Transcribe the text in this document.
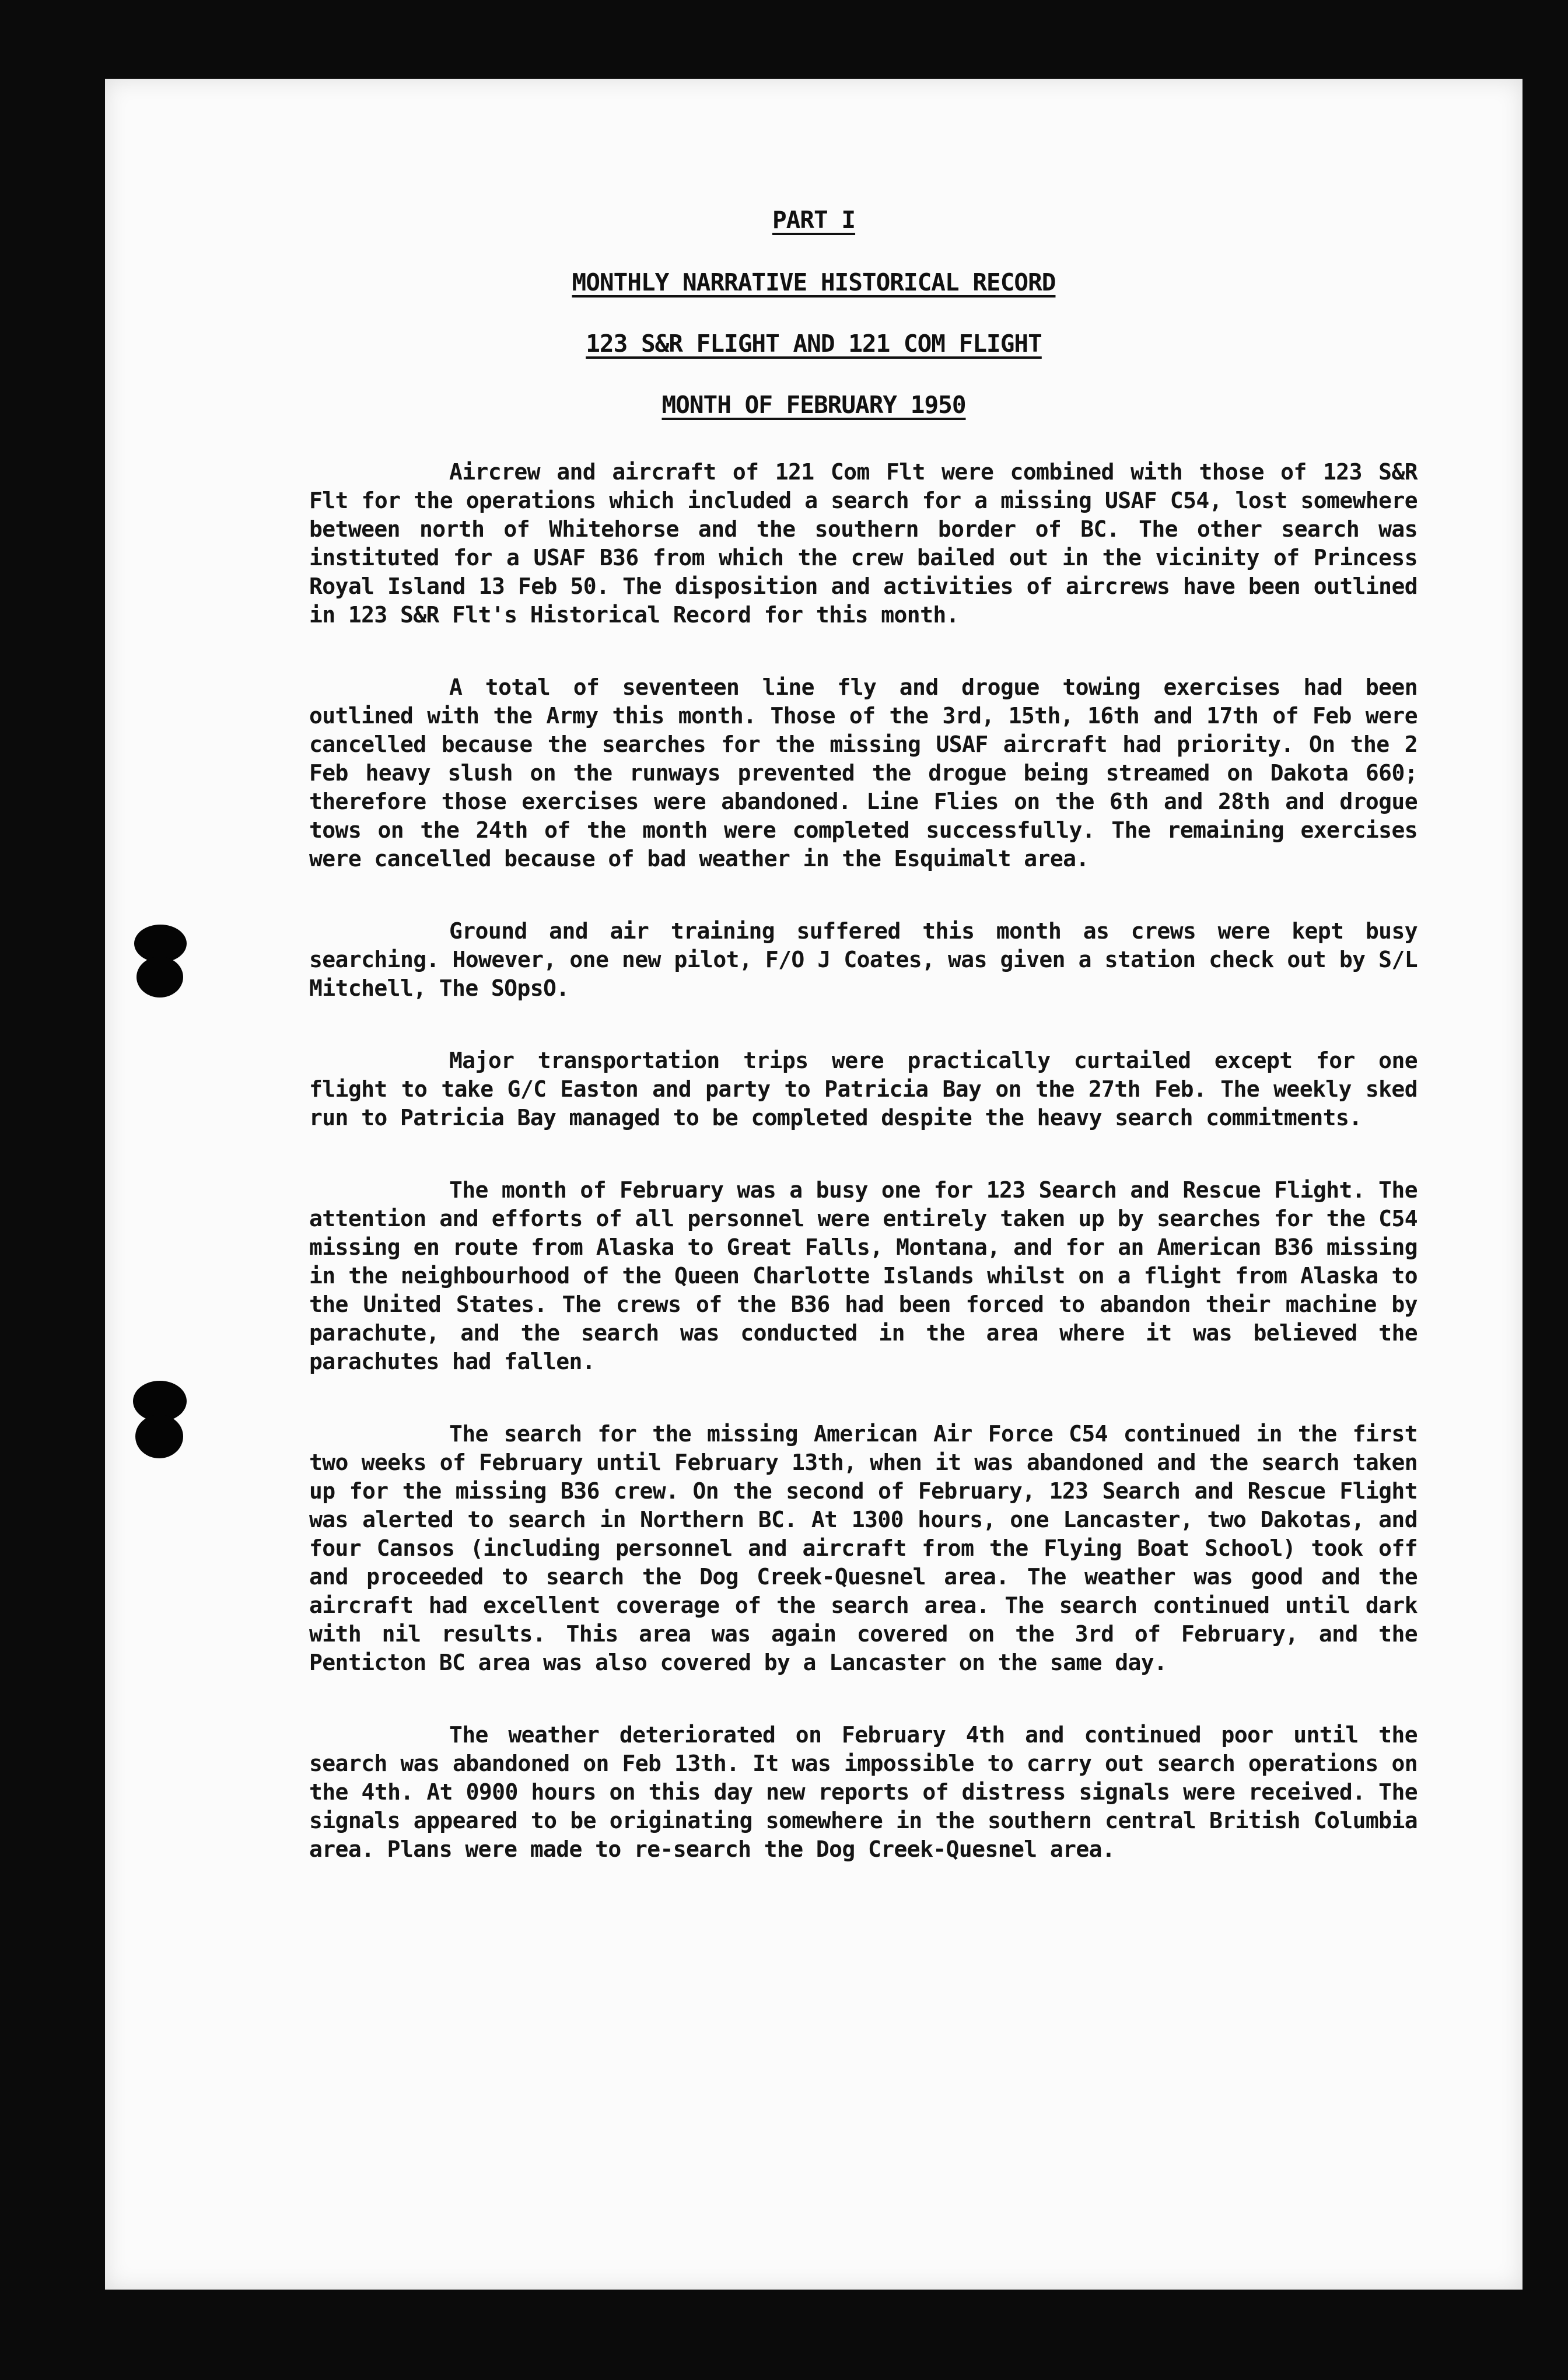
PART I
MONTHLY NARRATIVE HISTORICAL RECORD
123 S&R FLIGHT AND 121 COM FLIGHT
MONTH OF FEBRUARY 1950

Aircrew and aircraft of 121 Com Flt were combined with those of 123 S&R Flt for the operations which included a search for a missing USAF C54, lost somewhere between north of Whitehorse and the southern border of BC. The other search was instituted for a USAF B36 from which the crew bailed out in the vicinity of Princess Royal Island 13 Feb 50. The disposition and activities of aircrews have been outlined in 123 S&R Flt's Historical Record for this month.

A total of seventeen line fly and drogue towing exercises had been outlined with the Army this month. Those of the 3rd, 15th, 16th and 17th of Feb were cancelled because the searches for the missing USAF aircraft had priority. On the 2 Feb heavy slush on the runways prevented the drogue being streamed on Dakota 660; therefore those exercises were abandoned. Line Flies on the 6th and 28th and drogue tows on the 24th of the month were completed successfully. The remaining exercises were cancelled because of bad weather in the Esquimalt area.

Ground and air training suffered this month as crews were kept busy searching. However, one new pilot, F/O J Coates, was given a station check out by S/L Mitchell, The SOpsO.

Major transportation trips were practically curtailed except for one flight to take G/C Easton and party to Patricia Bay on the 27th Feb. The weekly sked run to Patricia Bay managed to be completed despite the heavy search commitments.

The month of February was a busy one for 123 Search and Rescue Flight. The attention and efforts of all personnel were entirely taken up by searches for the C54 missing en route from Alaska to Great Falls, Montana, and for an American B36 missing in the neighbourhood of the Queen Charlotte Islands whilst on a flight from Alaska to the United States. The crews of the B36 had been forced to abandon their machine by parachute, and the search was conducted in the area where it was believed the parachutes had fallen.

The search for the missing American Air Force C54 continued in the first two weeks of February until February 13th, when it was abandoned and the search taken up for the missing B36 crew. On the second of February, 123 Search and Rescue Flight was alerted to search in Northern BC. At 1300 hours, one Lancaster, two Dakotas, and four Cansos (including personnel and aircraft from the Flying Boat School) took off and proceeded to search the Dog Creek-Quesnel area. The weather was good and the aircraft had excellent coverage of the search area. The search continued until dark with nil results. This area was again covered on the 3rd of February, and the Penticton BC area was also covered by a Lancaster on the same day.

The weather deteriorated on February 4th and continued poor until the search was abandoned on Feb 13th. It was impossible to carry out search operations on the 4th. At 0900 hours on this day new reports of distress signals were received. The signals appeared to be originating somewhere in the southern central British Columbia area. Plans were made to re-search the Dog Creek-Quesnel area.
